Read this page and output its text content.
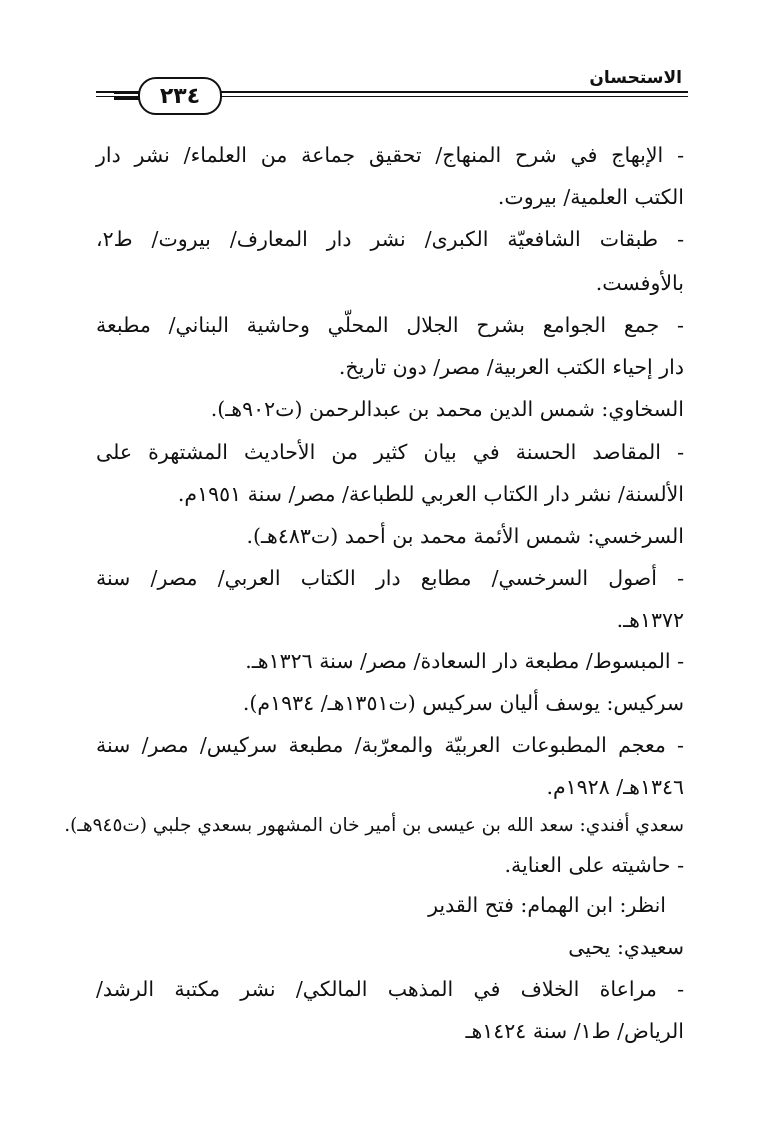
الاستحسان
٢٣٤
- الإبهاج في شرح المنهاج/ تحقيق جماعة من العلماء/ نشر دار
الكتب العلمية/ بيروت.
- طبقات الشافعيّة الكبرى/ نشر دار المعارف/ بيروت/ ط٢،
بالأوفست.
- جمع الجوامع بشرح الجلال المحلّي وحاشية البناني/ مطبعة
دار إحياء الكتب العربية/ مصر/ دون تاريخ.
السخاوي: شمس الدين محمد بن عبدالرحمن (ت٩٠٢هـ).
- المقاصد الحسنة في بيان كثير من الأحاديث المشتهرة على
الألسنة/ نشر دار الكتاب العربي للطباعة/ مصر/ سنة ١٩٥١م.
السرخسي: شمس الأئمة محمد بن أحمد (ت٤٨٣هـ).
- أصول السرخسي/ مطابع دار الكتاب العربي/ مصر/ سنة
١٣٧٢هـ.
- المبسوط/ مطبعة دار السعادة/ مصر/ سنة ١٣٢٦هـ.
سركيس: يوسف أليان سركيس (ت١٣٥١هـ/ ١٩٣٤م).
- معجم المطبوعات العربيّة والمعرّبة/ مطبعة سركيس/ مصر/ سنة
١٣٤٦هـ/ ١٩٢٨م.
سعدي أفندي: سعد الله بن عيسى بن أمير خان المشهور بسعدي جلبي (ت٩٤٥هـ).
- حاشيته على العناية.
انظر: ابن الهمام: فتح القدير
سعيدي: يحيى
- مراعاة الخلاف في المذهب المالكي/ نشر مكتبة الرشد/
الرياض/ ط١/ سنة ١٤٢٤هـ
